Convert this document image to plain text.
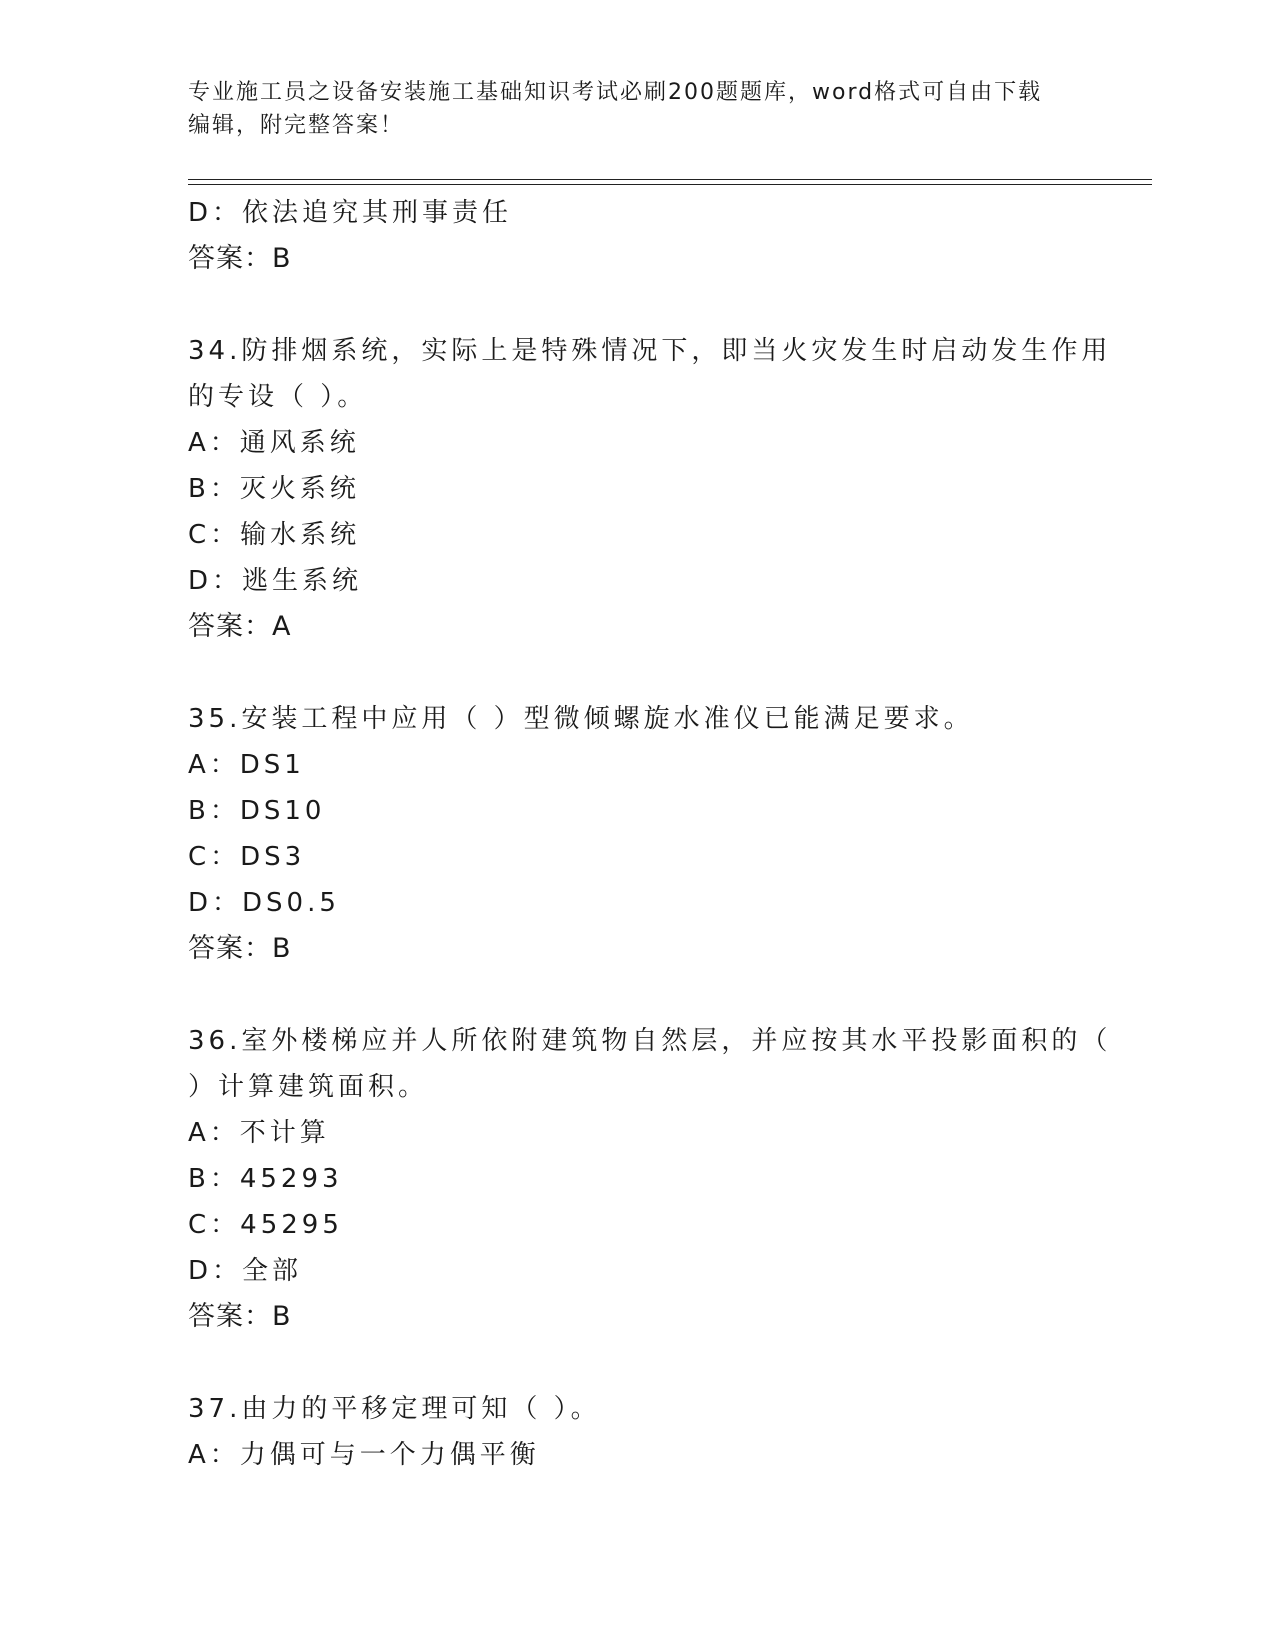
专业施工员之设备安装施工基础知识考试必刷200题题库，word格式可自由下载
编辑，附完整答案！
D：依法追究其刑事责任
答案：B
34.防排烟系统，实际上是特殊情况下，即当火灾发生时启动发生作用
的专设（ ）。
A：通风系统
B：灭火系统
C：输水系统
D：逃生系统
答案：A
35.安装工程中应用（ ）型微倾螺旋水准仪已能满足要求。
A：DS1
B：DS10
C：DS3
D：DS0.5
答案：B
36.室外楼梯应并人所依附建筑物自然层，并应按其水平投影面积的（
）计算建筑面积。
A：不计算
B：45293
C：45295
D：全部
答案：B
37.由力的平移定理可知（ ）。
A：力偶可与一个力偶平衡
